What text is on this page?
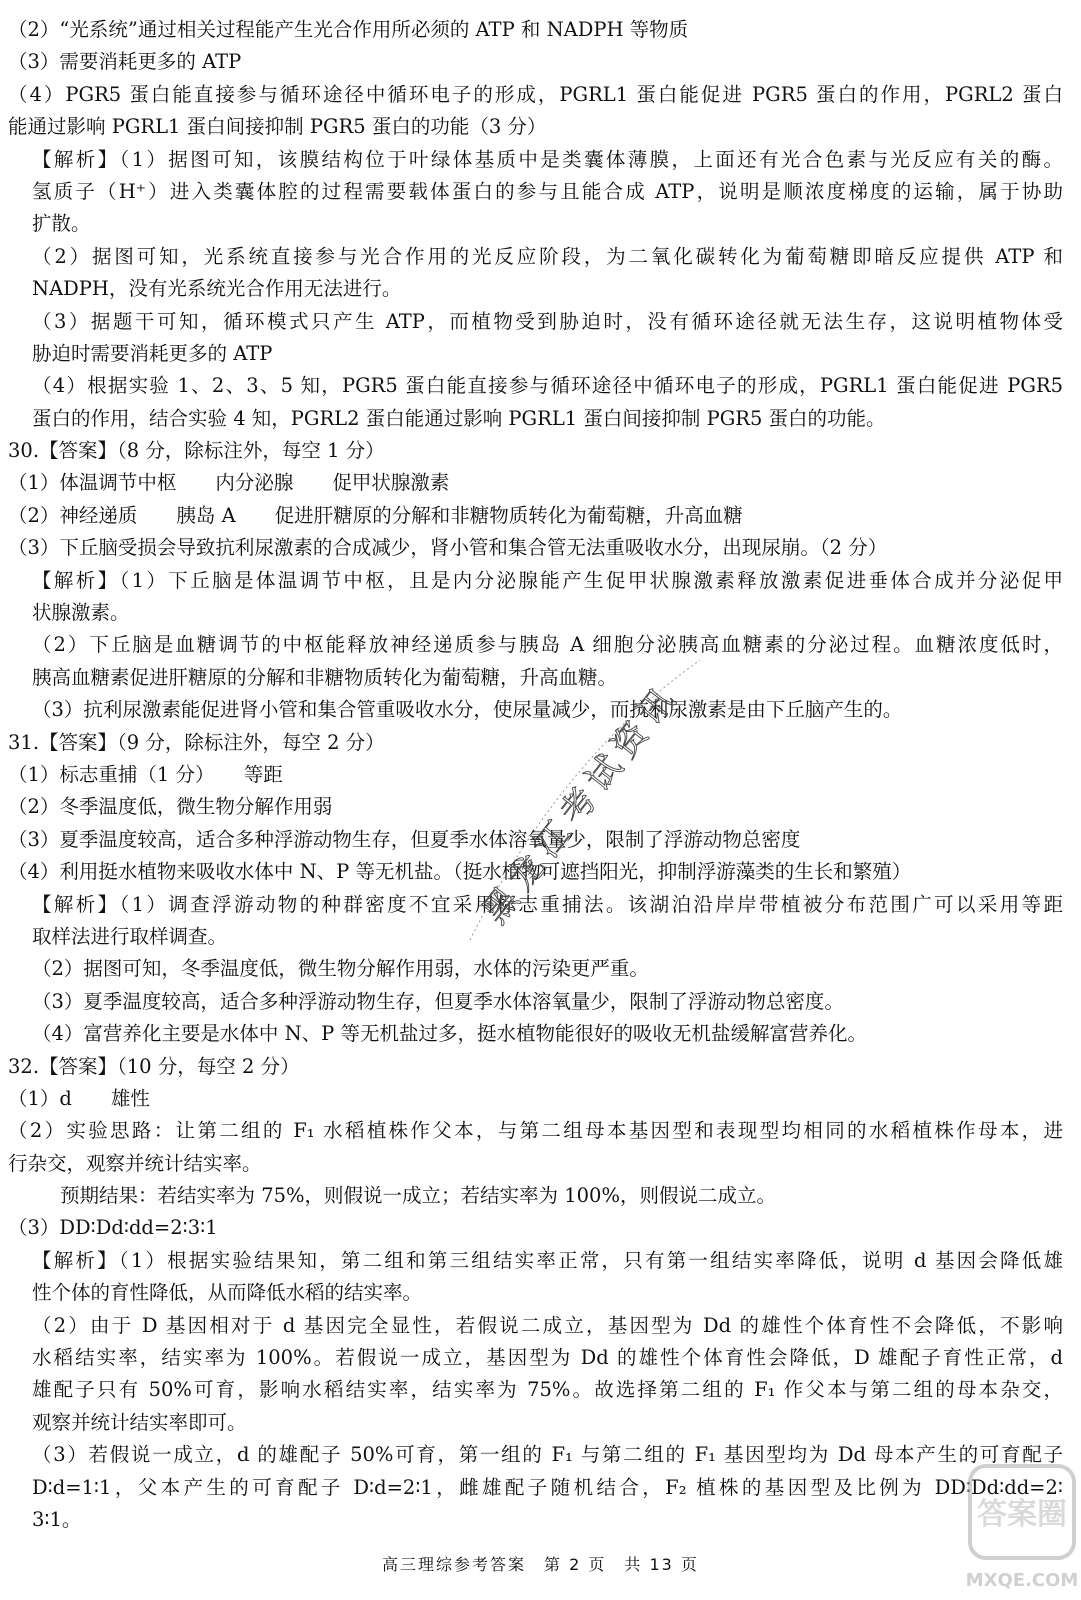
（2）“光系统”通过相关过程能产生光合作用所必须的 ATP 和 NADPH 等物质

（3）需要消耗更多的 ATP

（4）PGR5 蛋白能直接参与循环途径中循环电子的形成，PGRL1 蛋白能促进 PGR5 蛋白的作用，PGRL2 蛋白

能通过影响 PGRL1 蛋白间接抑制 PGR5 蛋白的功能（3 分）

【解析】（1）据图可知，该膜结构位于叶绿体基质中是类囊体薄膜，上面还有光合色素与光反应有关的酶。

氢质子（H⁺）进入类囊体腔的过程需要载体蛋白的参与且能合成 ATP，说明是顺浓度梯度的运输，属于协助

扩散。

（2）据图可知，光系统直接参与光合作用的光反应阶段，为二氧化碳转化为葡萄糖即暗反应提供 ATP 和

NADPH，没有光系统光合作用无法进行。

（3）据题干可知，循环模式只产生 ATP，而植物受到胁迫时，没有循环途径就无法生存，这说明植物体受

胁迫时需要消耗更多的 ATP

（4）根据实验 1、2、3、5 知，PGR5 蛋白能直接参与循环途径中循环电子的形成，PGRL1 蛋白能促进 PGR5

蛋白的作用，结合实验 4 知，PGRL2 蛋白能通过影响 PGRL1 蛋白间接抑制 PGR5 蛋白的功能。

30.【答案】（8 分，除标注外，每空 1 分）

（1）体温调节中枢　　内分泌腺　　促甲状腺激素

（2）神经递质　　胰岛 A　　促进肝糖原的分解和非糖物质转化为葡萄糖，升高血糖

（3）下丘脑受损会导致抗利尿激素的合成减少，肾小管和集合管无法重吸收水分，出现尿崩。（2 分）

【解析】（1）下丘脑是体温调节中枢，且是内分泌腺能产生促甲状腺激素释放激素促进垂体合成并分泌促甲

状腺激素。

（2）下丘脑是血糖调节的中枢能释放神经递质参与胰岛 A 细胞分泌胰高血糖素的分泌过程。血糖浓度低时，

胰高血糖素促进肝糖原的分解和非糖物质转化为葡萄糖，升高血糖。

（3）抗利尿激素能促进肾小管和集合管重吸收水分，使尿量减少，而抗利尿激素是由下丘脑产生的。

31.【答案】（9 分，除标注外，每空 2 分）

（1）标志重捕（1 分）　　等距

（2）冬季温度低，微生物分解作用弱

（3）夏季温度较高，适合多种浮游动物生存，但夏季水体溶氧量少，限制了浮游动物总密度

（4）利用挺水植物来吸收水体中 N、P 等无机盐。（挺水植物可遮挡阳光，抑制浮游藻类的生长和繁殖）

【解析】（1）调查浮游动物的种群密度不宜采用标志重捕法。该湖泊沿岸岸带植被分布范围广可以采用等距

取样法进行取样调查。

（2）据图可知，冬季温度低，微生物分解作用弱，水体的污染更严重。

（3）夏季温度较高，适合多种浮游动物生存，但夏季水体溶氧量少，限制了浮游动物总密度。

（4）富营养化主要是水体中 N、P 等无机盐过多，挺水植物能很好的吸收无机盐缓解富营养化。

32.【答案】（10 分，每空 2 分）

（1）d　　雄性

（2）实验思路：让第二组的 F₁ 水稻植株作父本，与第二组母本基因型和表现型均相同的水稻植株作母本，进

行杂交，观察并统计结实率。

预期结果：若结实率为 75%，则假说一成立；若结实率为 100%，则假说二成立。

（3）DD∶Dd∶dd=2∶3∶1

【解析】（1）根据实验结果知，第二组和第三组结实率正常，只有第一组结实率降低，说明 d 基因会降低雄

性个体的育性降低，从而降低水稻的结实率。

（2）由于 D 基因相对于 d 基因完全显性，若假说二成立，基因型为 Dd 的雄性个体育性不会降低，不影响

水稻结实率，结实率为 100%。若假说一成立，基因型为 Dd 的雄性个体育性会降低，D 雄配子育性正常，d

雄配子只有 50%可育，影响水稻结实率，结实率为 75%。故选择第二组的 F₁ 作父本与第二组的母本杂交，

观察并统计结实率即可。

（3）若假说一成立，d 的雄配子 50%可育，第一组的 F₁ 与第二组的 F₁ 基因型均为 Dd 母本产生的可育配子

D∶d=1∶1，父本产生的可育配子 D∶d=2∶1，雌雄配子随机结合，F₂ 植株的基因型及比例为 DD∶Dd∶dd=2∶

3∶1。

黑龙江考试资讯
答案圈
MXQE.COM
高三理综参考答案　第 2 页　共 13 页
